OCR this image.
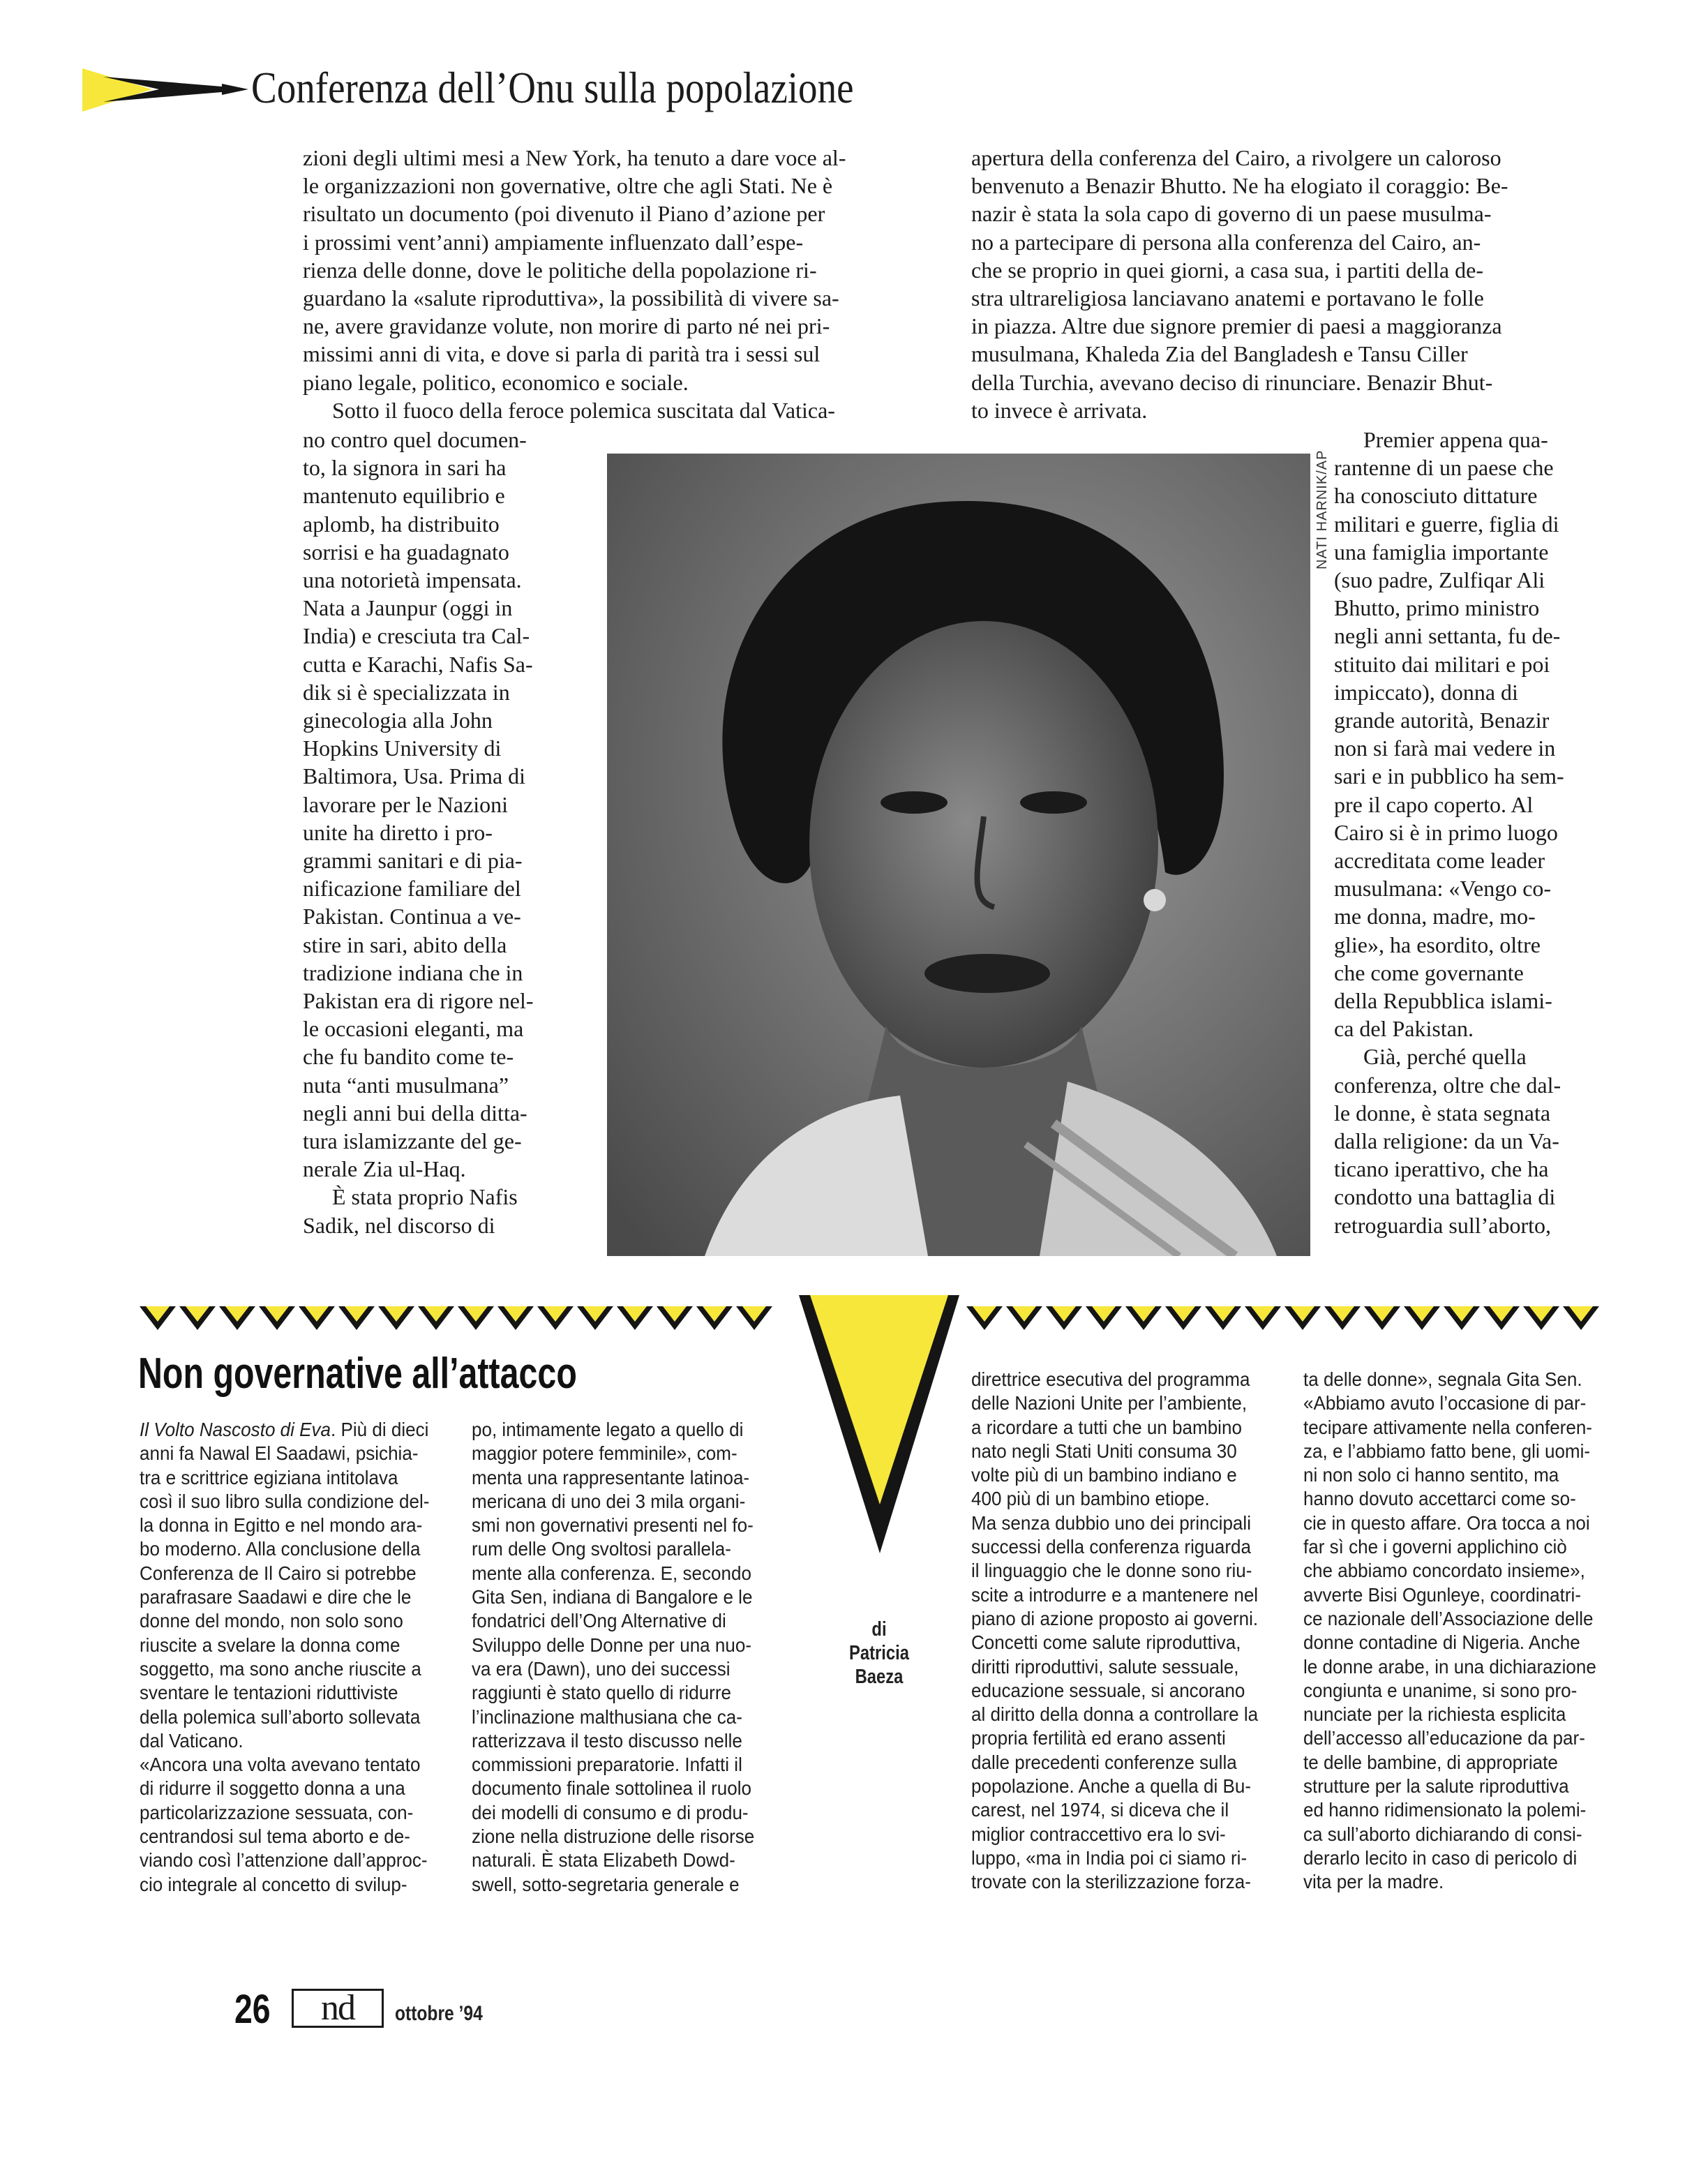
Conferenza dell’Onu sulla popolazione

zioni degli ultimi mesi a New York, ha tenuto a dare voce al-
le organizzazioni non governative, oltre che agli Stati. Ne è
risultato un documento (poi divenuto il Piano d’azione per
i prossimi vent’anni) ampiamente influenzato dall’espe-
rienza delle donne, dove le politiche della popolazione ri-
guardano la «salute riproduttiva», la possibilità di vivere sa-
ne, avere gravidanze volute, non morire di parto né nei pri-
missimi anni di vita, e dove si parla di parità tra i sessi sul
piano legale, politico, economico e sociale.

Sotto il fuoco della feroce polemica suscitata dal Vatica-

no contro quel documen-
to, la signora in sari ha
mantenuto equilibrio e
aplomb, ha distribuito
sorrisi e ha guadagnato
una notorietà impensata.
Nata a Jaunpur (oggi in
India) e cresciuta tra Cal-
cutta e Karachi, Nafis Sa-
dik si è specializzata in
ginecologia alla John
Hopkins University di
Baltimora, Usa. Prima di
lavorare per le Nazioni
unite ha diretto i pro-
grammi sanitari e di pia-
nificazione familiare del
Pakistan. Continua a ve-
stire in sari, abito della
tradizione indiana che in
Pakistan era di rigore nel-
le occasioni eleganti, ma
che fu bandito come te-
nuta “anti musulmana”
negli anni bui della ditta-
tura islamizzante del ge-
nerale Zia ul-Haq.

È stata proprio Nafis
Sadik, nel discorso di

apertura della conferenza del Cairo, a rivolgere un caloroso
benvenuto a Benazir Bhutto. Ne ha elogiato il coraggio: Be-
nazir è stata la sola capo di governo di un paese musulma-
no a partecipare di persona alla conferenza del Cairo, an-
che se proprio in quei giorni, a casa sua, i partiti della de-
stra ultrareligiosa lanciavano anatemi e portavano le folle
in piazza. Altre due signore premier di paesi a maggioranza
musulmana, Khaleda Zia del Bangladesh e Tansu Ciller
della Turchia, avevano deciso di rinunciare. Benazir Bhut-
to invece è arrivata.

Premier appena qua-
rantenne di un paese che
ha conosciuto dittature
militari e guerre, figlia di
una famiglia importante
(suo padre, Zulfiqar Ali
Bhutto, primo ministro
negli anni settanta, fu de-
stituito dai militari e poi
impiccato), donna di
grande autorità, Benazir
non si farà mai vedere in
sari e in pubblico ha sem-
pre il capo coperto. Al
Cairo si è in primo luogo
accreditata come leader
musulmana: «Vengo co-
me donna, madre, mo-
glie», ha esordito, oltre
che come governante
della Repubblica islami-
ca del Pakistan.

Già, perché quella
conferenza, oltre che dal-
le donne, è stata segnata
dalla religione: da un Va-
ticano iperattivo, che ha
condotto una battaglia di
retroguardia sull’aborto,

NATI HARNIK/AP
Non governative all’attacco

Il Volto Nascosto di Eva. Più di dieci
anni fa Nawal El Saadawi, psichia-
tra e scrittrice egiziana intitolava
così il suo libro sulla condizione del-
la donna in Egitto e nel mondo ara-
bo moderno. Alla conclusione della
Conferenza de Il Cairo si potrebbe
parafrasare Saadawi e dire che le
donne del mondo, non solo sono
riuscite a svelare la donna come
soggetto, ma sono anche riuscite a
sventare le tentazioni riduttiviste
della polemica sull’aborto sollevata
dal Vaticano.

«Ancora una volta avevano tentato
di ridurre il soggetto donna a una
particolarizzazione sessuata, con-
centrandosi sul tema aborto e de-
viando così l’attenzione dall’approc-
cio integrale al concetto di svilup-

po, intimamente legato a quello di
maggior potere femminile», com-
menta una rappresentante latinoa-
mericana di uno dei 3 mila organi-
smi non governativi presenti nel fo-
rum delle Ong svoltosi parallela-
mente alla conferenza. E, secondo
Gita Sen, indiana di Bangalore e le
fondatrici dell’Ong Alternative di
Sviluppo delle Donne per una nuo-
va era (Dawn), uno dei successi
raggiunti è stato quello di ridurre
l’inclinazione malthusiana che ca-
ratterizzava il testo discusso nelle
commissioni preparatorie. Infatti il
documento finale sottolinea il ruolo
dei modelli di consumo e di produ-
zione nella distruzione delle risorse
naturali. È stata Elizabeth Dowd-
swell, sotto-segretaria generale e

di
Patricia
Baeza

direttrice esecutiva del programma
delle Nazioni Unite per l’ambiente,
a ricordare a tutti che un bambino
nato negli Stati Uniti consuma 30
volte più di un bambino indiano e
400 più di un bambino etiope.

Ma senza dubbio uno dei principali
successi della conferenza riguarda
il linguaggio che le donne sono riu-
scite a introdurre e a mantenere nel
piano di azione proposto ai governi.
Concetti come salute riproduttiva,
diritti riproduttivi, salute sessuale,
educazione sessuale, si ancorano
al diritto della donna a controllare la
propria fertilità ed erano assenti
dalle precedenti conferenze sulla
popolazione. Anche a quella di Bu-
carest, nel 1974, si diceva che il
miglior contraccettivo era lo svi-
luppo, «ma in India poi ci siamo ri-
trovate con la sterilizzazione forza-

ta delle donne», segnala Gita Sen.
«Abbiamo avuto l’occasione di par-
tecipare attivamente nella conferen-
za, e l’abbiamo fatto bene, gli uomi-
ni non solo ci hanno sentito, ma
hanno dovuto accettarci come so-
cie in questo affare. Ora tocca a noi
far sì che i governi applichino ciò
che abbiamo concordato insieme»,
avverte Bisi Ogunleye, coordinatri-
ce nazionale dell’Associazione delle
donne contadine di Nigeria. Anche
le donne arabe, in una dichiarazione
congiunta e unanime, si sono pro-
nunciate per la richiesta esplicita
dell’accesso all’educazione da par-
te delle bambine, di appropriate
strutture per la salute riproduttiva
ed hanno ridimensionato la polemi-
ca sull’aborto dichiarando di consi-
derarlo lecito in caso di pericolo di
vita per la madre.

26	nd	ottobre ’94
